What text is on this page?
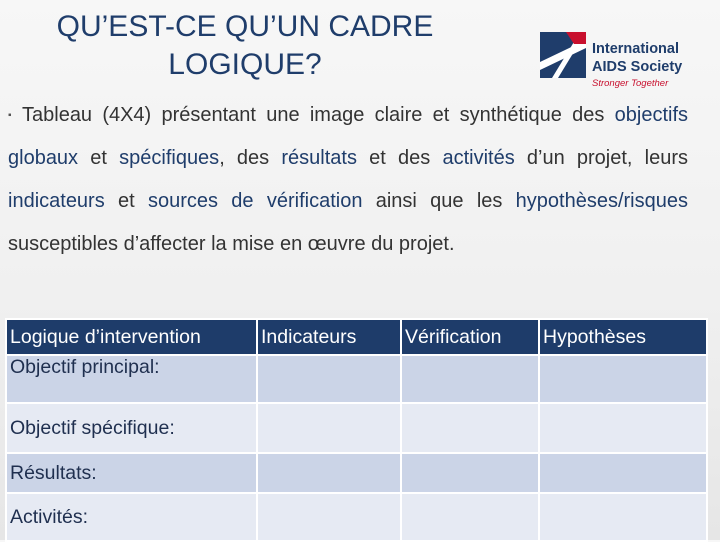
QU’EST-CE QU’UN CADRE
LOGIQUE?	International
AIDS Society
Stronger Together
▪ Tableau (4X4) présentant une image claire et synthétique des objectifs globaux et spécifiques, des résultats et des activités d’un projet, leurs indicateurs et sources de vérification ainsi que les hypothèses/risques susceptibles d’affecter la mise en œuvre du projet.

Logique d’intervention	Indicateurs	Vérification	Hypothèses
Objectif principal:			
Objectif spécifique:			
Résultats:			
Activités:			
